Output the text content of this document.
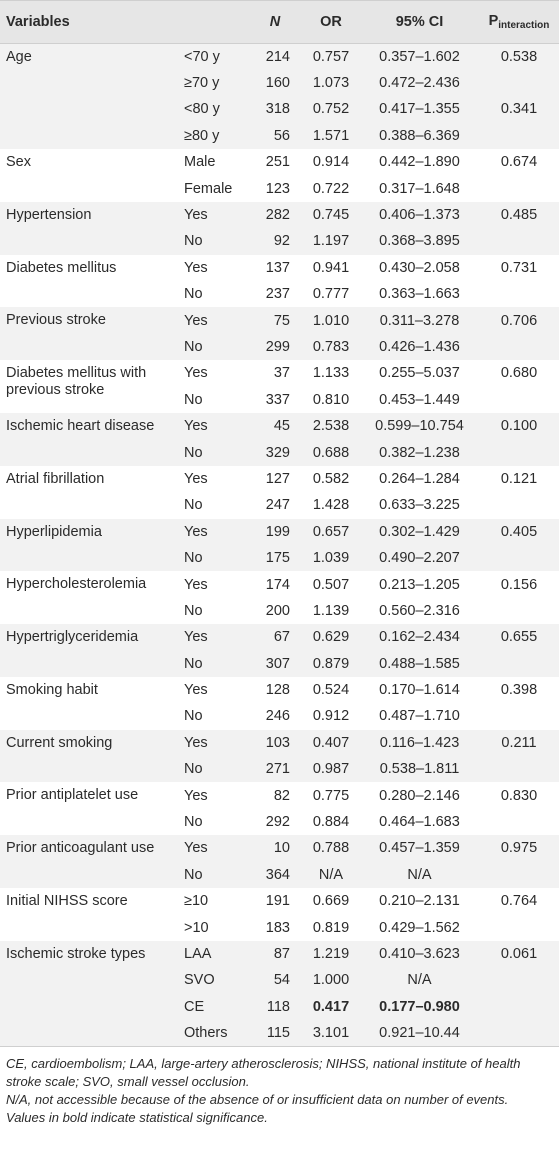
Variables		N	OR	95% CI	$P_{interaction}$
Age	<70 y	214	0.757	0.357–1.602	0.538
	≥70 y	160	1.073	0.472–2.436	
	<80 y	318	0.752	0.417–1.355	0.341
	≥80 y	56	1.571	0.388–6.369	
Sex	Male	251	0.914	0.442–1.890	0.674
	Female	123	0.722	0.317–1.648	
Hypertension	Yes	282	0.745	0.406–1.373	0.485
	No	92	1.197	0.368–3.895	
Diabetes mellitus	Yes	137	0.941	0.430–2.058	0.731
	No	237	0.777	0.363–1.663	
Previous stroke	Yes	75	1.010	0.311–3.278	0.706
	No	299	0.783	0.426–1.436	
Diabetes mellitus with previous stroke	Yes	37	1.133	0.255–5.037	0.680
	No	337	0.810	0.453–1.449	
Ischemic heart disease	Yes	45	2.538	0.599–10.754	0.100
	No	329	0.688	0.382–1.238	
Atrial fibrillation	Yes	127	0.582	0.264–1.284	0.121
	No	247	1.428	0.633–3.225	
Hyperlipidemia	Yes	199	0.657	0.302–1.429	0.405
	No	175	1.039	0.490–2.207	
Hypercholesterolemia	Yes	174	0.507	0.213–1.205	0.156
	No	200	1.139	0.560–2.316	
Hypertriglyceridemia	Yes	67	0.629	0.162–2.434	0.655
	No	307	0.879	0.488–1.585	
Smoking habit	Yes	128	0.524	0.170–1.614	0.398
	No	246	0.912	0.487–1.710	
Current smoking	Yes	103	0.407	0.116–1.423	0.211
	No	271	0.987	0.538–1.811	
Prior antiplatelet use	Yes	82	0.775	0.280–2.146	0.830
	No	292	0.884	0.464–1.683	
Prior anticoagulant use	Yes	10	0.788	0.457–1.359	0.975
	No	364	N/A	N/A	
Initial NIHSS score	≥10	191	0.669	0.210–2.131	0.764
	>10	183	0.819	0.429–1.562	
Ischemic stroke types	LAA	87	1.219	0.410–3.623	0.061
	SVO	54	1.000	N/A	
	CE	118	0.417	0.177–0.980	
	Others	115	3.101	0.921–10.44	

CE, cardioembolism; LAA, large-artery atherosclerosis; NIHSS, national institute of health stroke scale; SVO, small vessel occlusion.

N/A, not accessible because of the absence of or insufficient data on number of events.

Values in bold indicate statistical significance.
